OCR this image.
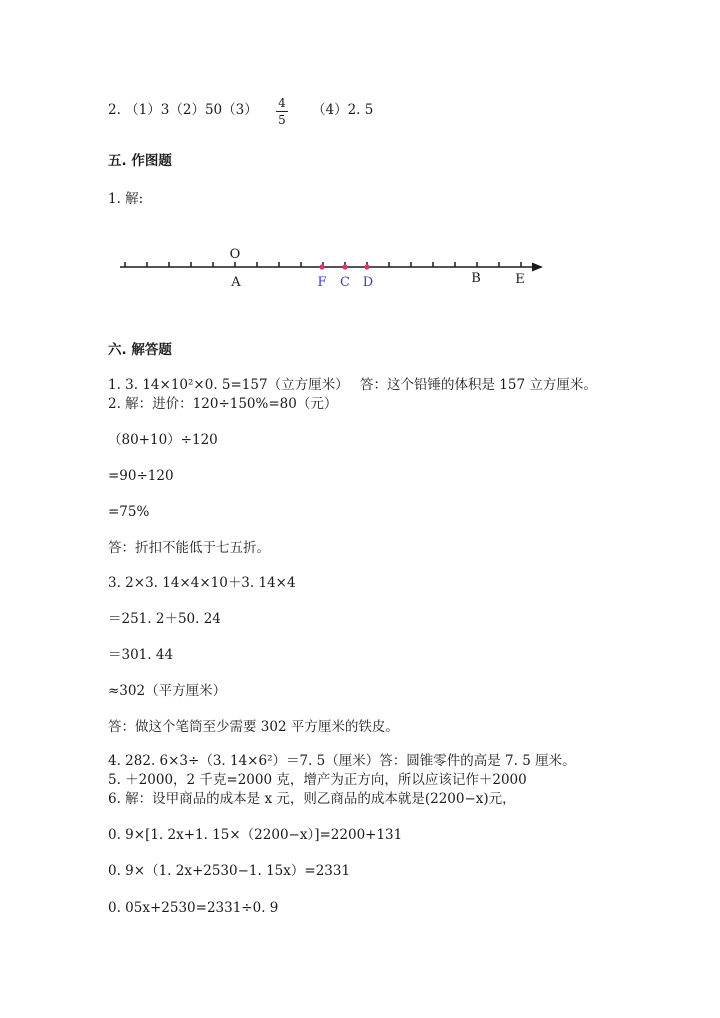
2. （1）3（2）50（3） 4
5
（4）2. 5
五. 作图题
1. 解:
O
A	F C D	B	E
六. 解答题
1. 3. 14×10²×0. 5=157（立方厘米） 答：这个铅锤的体积是 157 立方厘米。
2. 解：进价：120÷150%=80（元）
（80+10）÷120
=90÷120
=75%
答：折扣不能低于七五折。
3. 2×3. 14×4×10＋3. 14×4
＝251. 2＋50. 24
＝301. 44
≈302（平方厘米）
答：做这个笔筒至少需要 302 平方厘米的铁皮。
4. 282. 6×3÷（3. 14×6²）＝7. 5（厘米）答：圆锥零件的高是 7. 5 厘米。
5. ＋2000，2 千克=2000 克，增产为正方向，所以应该记作＋2000
6. 解：设甲商品的成本是 x 元，则乙商品的成本就是(2200−x)元，
0. 9×[1. 2x+1. 15×（2200−x）]=2200+131
0. 9×（1. 2x+2530−1. 15x）=2331
0. 05x+2530=2331÷0. 9
